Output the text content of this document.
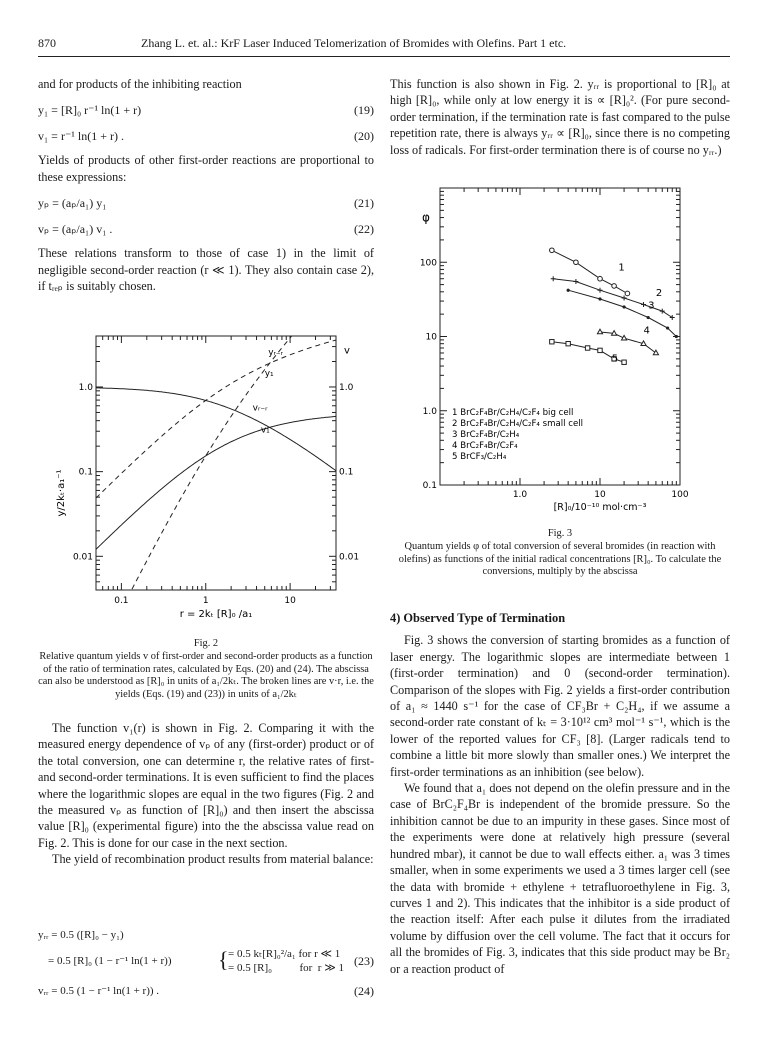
870	Zhang L. et. al.: KrF Laser Induced Telomerization of Bromides with Olefins. Part 1 etc.

and for products of the inhibiting reaction

y₁ = [R]₀ r⁻¹ ln(1 + r)	(19)
v₁ = r⁻¹ ln(1 + r) .	(20)

Yields of products of other first-order reactions are proportional to these expressions:

yₚ = (aₚ/a₁) y₁	(21)
vₚ = (aₚ/a₁) v₁ .	(22)

These relations transform to those of case 1) in the limit of negligible second-order reaction (r ≪ 1). They also contain case 2), if tᵣₑₚ is suitably chosen.

0.1	1	10
1.0
0.1
0.01
1.0
0.1
0.01
r = 2kₜ [R]₀ /a₁
y/2kₜ·a₁⁻¹
v
yᵣ₋ᵣ
y₁
vᵣ₋ᵣ
v₁
Fig. 2
Relative quantum yields v of first-order and second-order products as a function of the ratio of termination rates, calculated by Eqs. (20) and (24). The abscissa can also be understood as [R]₀ in units of a₁/2kₜ. The broken lines are v·r, i.e. the yields (Eqs. (19) and (23)) in units of a₁/2kₜ

The function v₁(r) is shown in Fig. 2. Comparing it with the measured energy dependence of vₚ of any (first-order) product or of the total conversion, one can determine r, the relative rates of first- and second-order terminations. It is even sufficient to find the places where the logarithmic slopes are equal in the two figures (Fig. 2 and the measured vₚ as function of [R]₀) and then insert the abscissa value [R]₀ (experimental figure) into the the abscissa value read on Fig. 2. This is done for our case in the next section.

The yield of recombination product results from material balance:

yᵣᵣ = 0.5 ([R]₀ − y₁)
= 0.5 [R]₀ (1 − r⁻¹ ln(1 + r)) { = 0.5 kₜ[R]₀²/a₁ for r ≪ 1
= 0.5 [R]₀          for  r ≫ 1 (23)
vᵣᵣ = 0.5 (1 − r⁻¹ ln(1 + r)) .	(24)

This function is also shown in Fig. 2. yᵣᵣ is proportional to [R]₀ at high [R]₀, while only at low energy it is ∝ [R]₀². (For pure second-order termination, if the termination rate is fast compared to the pulse repetition rate, there is always yᵣᵣ ∝ [R]₀, since there is no competing loss of radicals. For first-order termination there is of course no yᵣᵣ.)

100
10
1.0
0.1
1.0	10	100
[R]₀/10⁻¹⁰ mol·cm⁻³
φ
1
2
3
4
5
1 BrC₂F₄Br/C₂H₄/C₂F₄ big cell
2 BrC₂F₄Br/C₂H₄/C₂F₄ small cell
3 BrC₂F₄Br/C₂H₄
4 BrC₂F₄Br/C₂F₄
5 BrCF₃/C₂H₄
Fig. 3
Quantum yields φ of total conversion of several bromides (in reaction with olefins) as functions of the initial radical concentrations [R]₀. To calculate the conversions, multiply by the abscissa

4) Observed Type of Termination

Fig. 3 shows the conversion of starting bromides as a function of laser energy. The logarithmic slopes are intermediate between 1 (first-order termination) and 0 (second-order termination). Comparison of the slopes with Fig. 2 yields a first-order contribution of a₁ ≈ 1440 s⁻¹ for the case of CF₃Br + C₂H₄, if we assume a second-order rate constant of kₜ = 3·10¹² cm³ mol⁻¹ s⁻¹, which is the lower of the reported values for CF₃ [8]. (Larger radicals tend to combine a little bit more slowly than smaller ones.) We interpret the first-order terminations as an inhibition (see below).

We found that a₁ does not depend on the olefin pressure and in the case of BrC₂F₄Br is independent of the bromide pressure. So the inhibition cannot be due to an impurity in these gases. Since most of the experiments were done at relatively high pressure (several hundred mbar), it cannot be due to wall effects either. a₁ was 3 times smaller, when in some experiments we used a 3 times larger cell (see the data with bromide + ethylene + tetrafluoroethylene in Fig. 3, curves 1 and 2). This indicates that the inhibitor is a side product of the reaction itself: After each pulse it dilutes from the irradiated volume by diffusion over the cell volume. The fact that it occurs for all the bromides of Fig. 3, indicates that this side product may be Br₂ or a reaction product of
